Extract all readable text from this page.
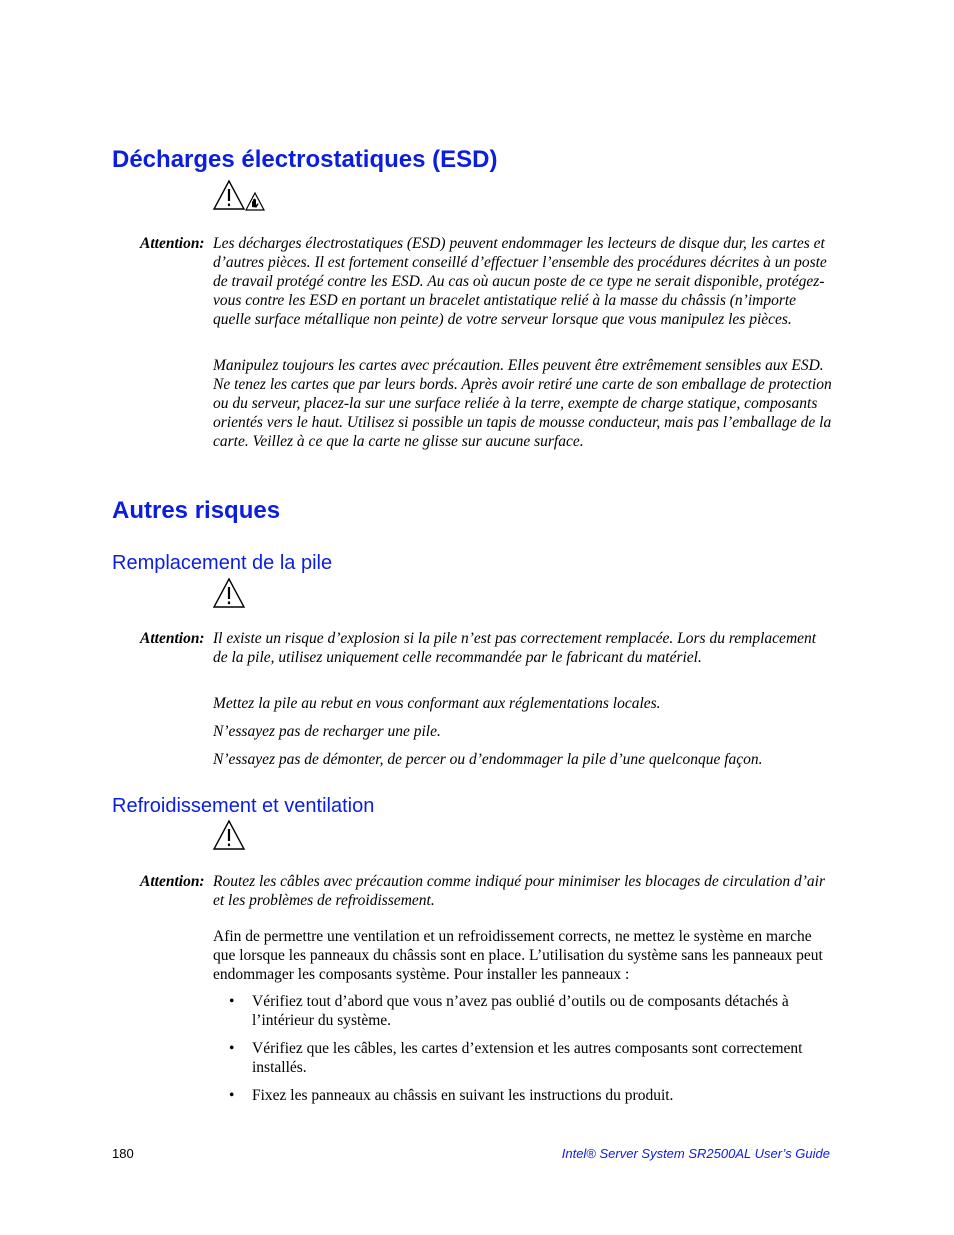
Décharges électrostatiques (ESD)
Attention: Les décharges électrostatiques (ESD) peuvent endommager les lecteurs de disque dur, les cartes et d’autres pièces. Il est fortement conseillé d’effectuer l’ensemble des procédures décrites à un poste de travail protégé contre les ESD. Au cas où aucun poste de ce type ne serait disponible, protégez-vous contre les ESD en portant un bracelet antistatique relié à la masse du châssis (n’importe quelle surface métallique non peinte) de votre serveur lorsque que vous manipulez les pièces.

Manipulez toujours les cartes avec précaution. Elles peuvent être extrêmement sensibles aux ESD. Ne tenez les cartes que par leurs bords. Après avoir retiré une carte de son emballage de protection ou du serveur, placez-la sur une surface reliée à la terre, exempte de charge statique, composants orientés vers le haut. Utilisez si possible un tapis de mousse conducteur, mais pas l’emballage de la carte. Veillez à ce que la carte ne glisse sur aucune surface.

Autres risques
Remplacement de la pile
Attention: Il existe un risque d’explosion si la pile n’est pas correctement remplacée. Lors du remplacement de la pile, utilisez uniquement celle recommandée par le fabricant du matériel.

Mettez la pile au rebut en vous conformant aux réglementations locales.

N’essayez pas de recharger une pile.

N’essayez pas de démonter, de percer ou d’endommager la pile d’une quelconque façon.

Refroidissement et ventilation
Attention: Routez les câbles avec précaution comme indiqué pour minimiser les blocages de circulation d’air et les problèmes de refroidissement.

Afin de permettre une ventilation et un refroidissement corrects, ne mettez le système en marche que lorsque les panneaux du châssis sont en place. L’utilisation du système sans les panneaux peut endommager les composants système. Pour installer les panneaux :

• Vérifiez tout d’abord que vous n’avez pas oublié d’outils ou de composants détachés à l’intérieur du système.
• Vérifiez que les câbles, les cartes d’extension et les autres composants sont correctement installés.
• Fixez les panneaux au châssis en suivant les instructions du produit.
180	Intel® Server System SR2500AL User’s Guide
